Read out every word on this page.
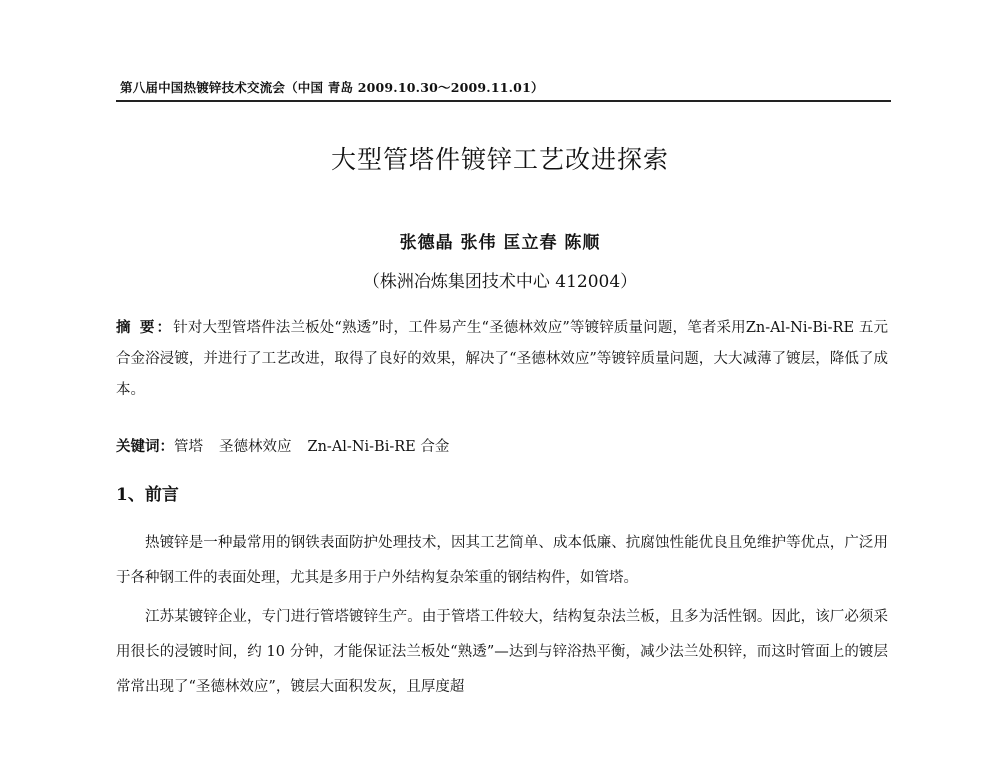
第八届中国热镀锌技术交流会（中国 青岛 2009.10.30～2009.11.01）
大型管塔件镀锌工艺改进探索
张德晶 张伟 匡立春 陈顺
（株洲冶炼集团技术中心 412004）
摘 要：针对大型管塔件法兰板处“熟透”时，工件易产生“圣德林效应”等镀锌质量问题，笔者采用Zn-Al-Ni-Bi-RE 五元合金浴浸镀，并进行了工艺改进，取得了良好的效果，解决了“圣德林效应”等镀锌质量问题，大大减薄了镀层，降低了成本。
关键词：管塔 圣德林效应 Zn-Al-Ni-Bi-RE 合金
1、前言

热镀锌是一种最常用的钢铁表面防护处理技术，因其工艺简单、成本低廉、抗腐蚀性能优良且免维护等优点，广泛用于各种钢工件的表面处理，尤其是多用于户外结构复杂笨重的钢结构件，如管塔。

江苏某镀锌企业，专门进行管塔镀锌生产。由于管塔工件较大，结构复杂法兰板，且多为活性钢。因此，该厂必须采用很长的浸镀时间，约 10 分钟，才能保证法兰板处“熟透”—达到与锌浴热平衡，减少法兰处积锌，而这时管面上的镀层常常出现了“圣德林效应”，镀层大面积发灰，且厚度超
